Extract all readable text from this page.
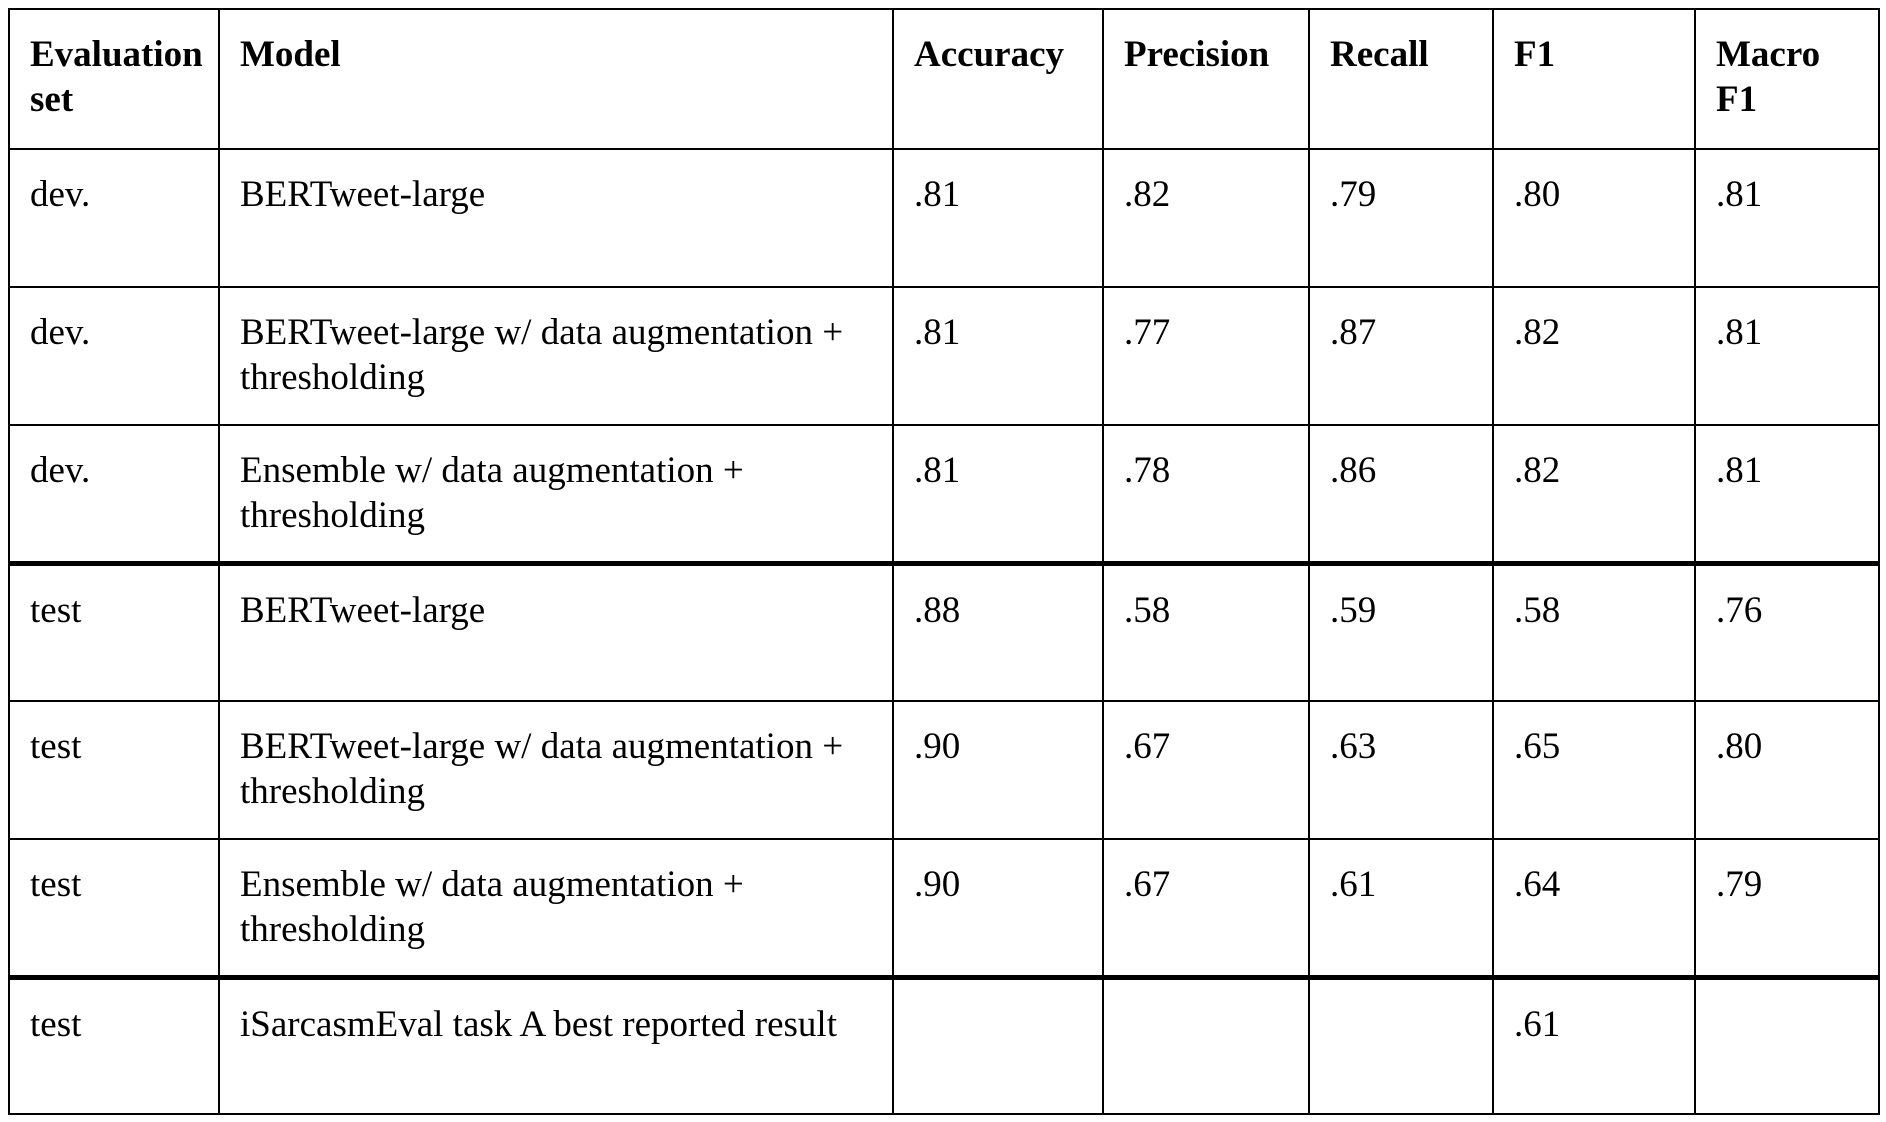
Evaluation set	Model	Accuracy	Precision	Recall	F1	Macro F1
dev.	BERTweet-large	.81	.82	.79	.80	.81
dev.	BERTweet-large w/ data augmentation + thresholding	.81	.77	.87	.82	.81
dev.	Ensemble w/ data augmentation + thresholding	.81	.78	.86	.82	.81
test	BERTweet-large	.88	.58	.59	.58	.76
test	BERTweet-large w/ data augmentation + thresholding	.90	.67	.63	.65	.80
test	Ensemble w/ data augmentation + thresholding	.90	.67	.61	.64	.79
test	iSarcasmEval task A best reported result				.61	
